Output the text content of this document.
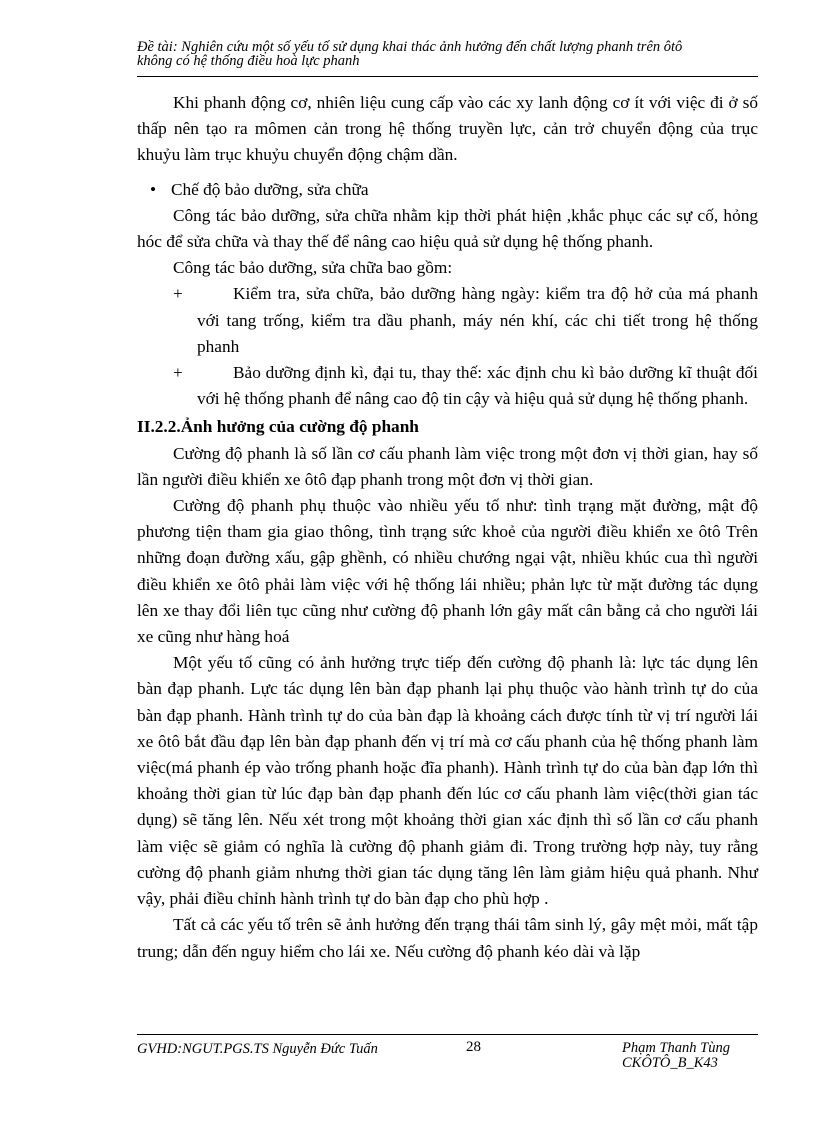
Đề tài: Nghiên cứu một số yếu tố sử dụng khai thác ảnh hưởng đến chất lượng phanh trên ôtô
không có hệ thống điều hoà lực phanh

Khi phanh động cơ, nhiên liệu cung cấp vào các xy lanh động cơ ít với việc đi ở số thấp nên tạo ra mômen cản trong hệ thống truyền lực, cản trở chuyển động của trục khuỷu làm trục khuỷu chuyển động chậm dần.

• Chế độ bảo dưỡng, sửa chữa

Công tác bảo dưỡng, sửa chữa nhằm kịp thời phát hiện ,khắc phục các sự cố, hỏng hóc để sửa chữa và thay thế để nâng cao hiệu quả sử dụng hệ thống phanh.

Công tác bảo dưỡng, sửa chữa bao gồm:

+	Kiểm tra, sửa chữa, bảo dưỡng hàng ngày: kiểm tra độ hở của má phanh với tang trống, kiểm tra dầu phanh, máy nén khí, các chi tiết trong hệ thống phanh
+	Bảo dưỡng định kì, đại tu, thay thế: xác định chu kì bảo dưỡng kĩ thuật đối với hệ thống phanh để nâng cao độ tin cậy và hiệu quả sử dụng hệ thống phanh.

II.2.2.Ảnh hưởng của cường độ phanh

Cường độ phanh là số lần cơ cấu phanh làm việc trong một đơn vị thời gian, hay số lần người điều khiển xe ôtô đạp phanh trong một đơn vị thời gian.

Cường độ phanh phụ thuộc vào nhiều yếu tố như: tình trạng mặt đường, mật độ phương tiện tham gia giao thông, tình trạng sức khoẻ của người điều khiển xe ôtô Trên những đoạn đường xấu, gập ghềnh, có nhiều chướng ngại vật, nhiều khúc cua thì người điều khiển xe ôtô phải làm việc với hệ thống lái nhiều; phản lực từ mặt đường tác dụng lên xe thay đổi liên tục cũng như cường độ phanh lớn gây mất cân bằng cả cho người lái xe cũng như hàng hoá

Một yếu tố cũng có ảnh hưởng trực tiếp đến cường độ phanh là: lực tác dụng lên bàn đạp phanh. Lực tác dụng lên bàn đạp phanh lại phụ thuộc vào hành trình tự do của bàn đạp phanh. Hành trình tự do của bàn đạp là khoảng cách được tính từ vị trí người lái xe ôtô bắt đầu đạp lên bàn đạp phanh đến vị trí mà cơ cấu phanh của hệ thống phanh làm việc(má phanh ép vào trống phanh hoặc đĩa phanh). Hành trình tự do của bàn đạp lớn thì khoảng thời gian từ lúc đạp bàn đạp phanh đến lúc cơ cấu phanh làm việc(thời gian tác dụng) sẽ tăng lên. Nếu xét trong một khoảng thời gian xác định thì số lần cơ cấu phanh làm việc sẽ giảm có nghĩa là cường độ phanh giảm đi. Trong trường hợp này, tuy rằng cường độ phanh giảm nhưng thời gian tác dụng tăng lên làm giảm hiệu quả phanh. Như vậy, phải điều chỉnh hành trình tự do bàn đạp cho phù hợp .

Tất cả các yếu tố trên sẽ ảnh hưởng đến trạng thái tâm sinh lý, gây mệt mỏi, mất tập trung; dẫn đến nguy hiểm cho lái xe. Nếu cường độ phanh kéo dài và lặp

GVHD:NGUT.PGS.TS Nguyễn Đức Tuấn	28	Phạm Thanh Tùng
CKÔTÔ_B_K43
